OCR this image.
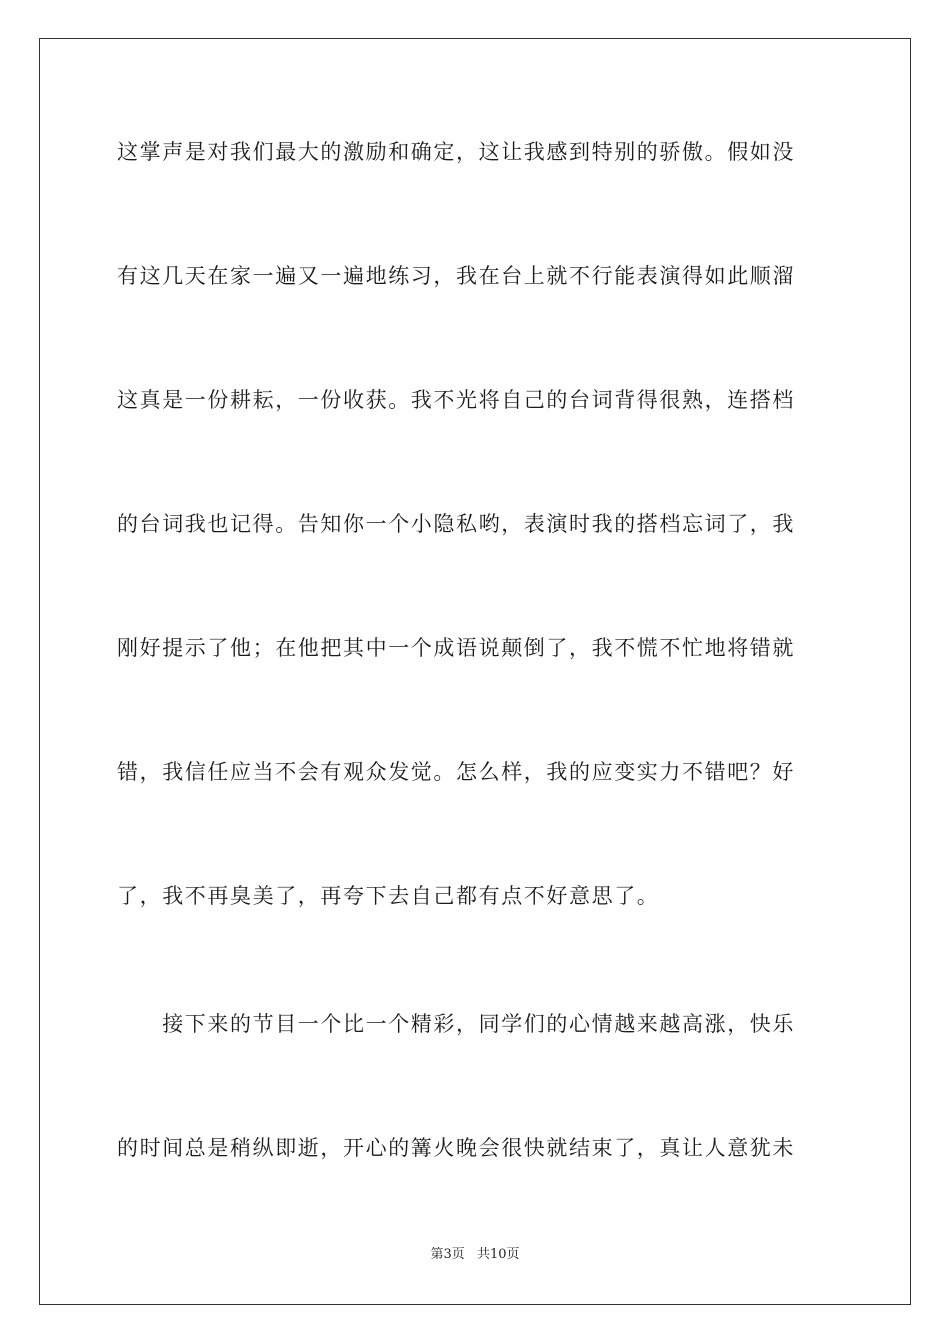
这掌声是对我们最大的激励和确定，这让我感到特别的骄傲。假如没
有这几天在家一遍又一遍地练习，我在台上就不行能表演得如此顺溜
这真是一份耕耘，一份收获。我不光将自己的台词背得很熟，连搭档
的台词我也记得。告知你一个小隐私哟，表演时我的搭档忘词了，我
刚好提示了他；在他把其中一个成语说颠倒了，我不慌不忙地将错就
错，我信任应当不会有观众发觉。怎么样，我的应变实力不错吧？好
了，我不再臭美了，再夸下去自己都有点不好意思了。
　　接下来的节目一个比一个精彩，同学们的心情越来越高涨，快乐
的时间总是稍纵即逝，开心的篝火晚会很快就结束了，真让人意犹未
第3页 共10页
